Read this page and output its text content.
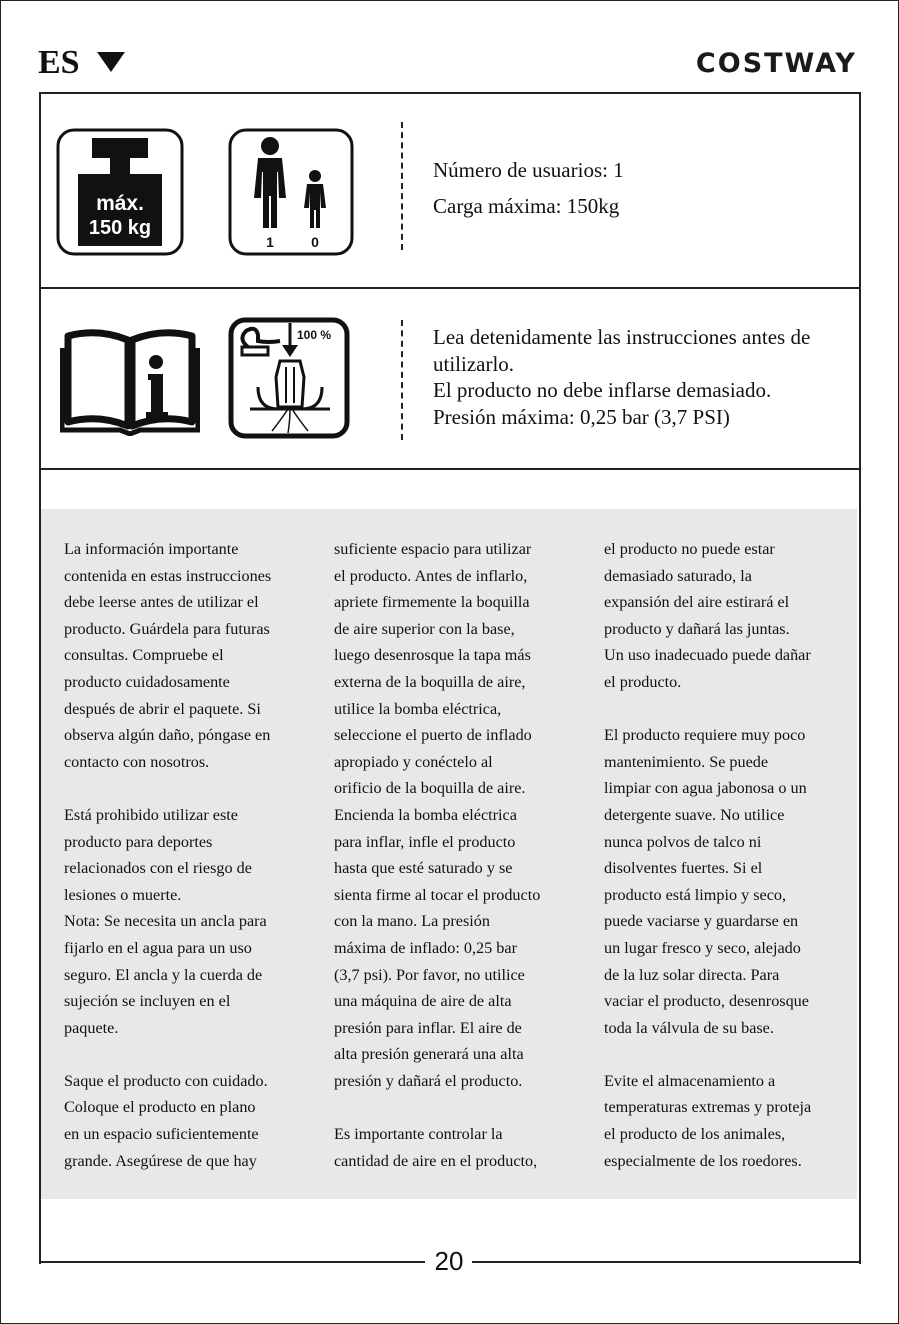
ES	COSTWAY
máx.
150 kg
1	0
Número de usuarios: 1
Carga máxima: 150kg
100 %	Lea detenidamente las instrucciones antes de
utilizarlo.
El producto no debe inflarse demasiado.
Presión máxima: 0,25 bar (3,7 PSI)

La información importante
contenida en estas instrucciones
debe leerse antes de utilizar el
producto. Guárdela para futuras
consultas. Compruebe el
producto cuidadosamente
después de abrir el paquete. Si
observa algún daño, póngase en
contacto con nosotros.

Está prohibido utilizar este
producto para deportes
relacionados con el riesgo de
lesiones o muerte.
Nota: Se necesita un ancla para
fijarlo en el agua para un uso
seguro. El ancla y la cuerda de
sujeción se incluyen en el
paquete.

Saque el producto con cuidado.
Coloque el producto en plano
en un espacio suficientemente
grande. Asegúrese de que hay

suficiente espacio para utilizar
el producto. Antes de inflarlo,
apriete firmemente la boquilla
de aire superior con la base,
luego desenrosque la tapa más
externa de la boquilla de aire,
utilice la bomba eléctrica,
seleccione el puerto de inflado
apropiado y conéctelo al
orificio de la boquilla de aire.
Encienda la bomba eléctrica
para inflar, infle el producto
hasta que esté saturado y se
sienta firme al tocar el producto
con la mano. La presión
máxima de inflado: 0,25 bar
(3,7 psi). Por favor, no utilice
una máquina de aire de alta
presión para inflar. El aire de
alta presión generará una alta
presión y dañará el producto.

Es importante controlar la
cantidad de aire en el producto,

el producto no puede estar
demasiado saturado, la
expansión del aire estirará el
producto y dañará las juntas.
Un uso inadecuado puede dañar
el producto.

El producto requiere muy poco
mantenimiento. Se puede
limpiar con agua jabonosa o un
detergente suave. No utilice
nunca polvos de talco ni
disolventes fuertes. Si el
producto está limpio y seco,
puede vaciarse y guardarse en
un lugar fresco y seco, alejado
de la luz solar directa. Para
vaciar el producto, desenrosque
toda la válvula de su base.

Evite el almacenamiento a
temperaturas extremas y proteja
el producto de los animales,
especialmente de los roedores.

20
